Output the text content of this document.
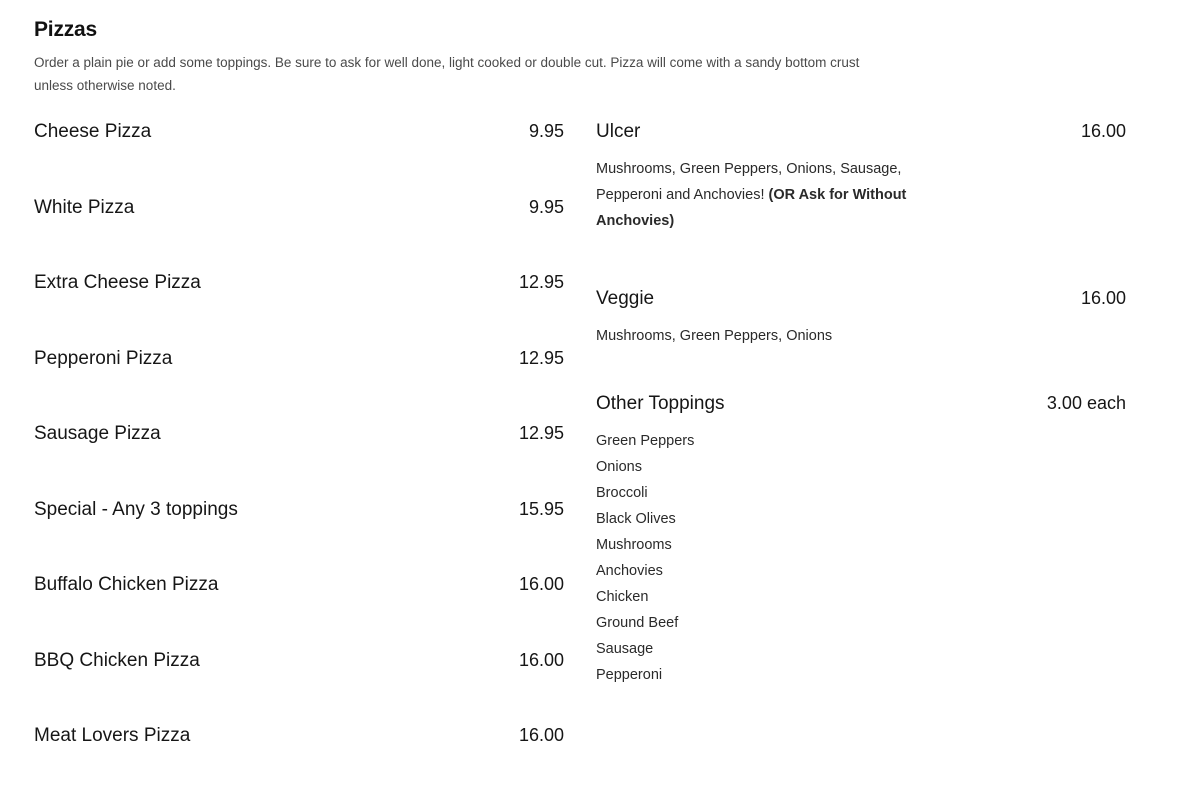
Pizzas

Order a plain pie or add some toppings. Be sure to ask for well done, light cooked or double cut. Pizza will come with a sandy bottom crust unless otherwise noted.

Cheese Pizza	9.95
White Pizza	9.95
Extra Cheese Pizza	12.95
Pepperoni Pizza	12.95
Sausage Pizza	12.95
Special - Any 3 toppings	15.95
Buffalo Chicken Pizza	16.00
BBQ Chicken Pizza	16.00
Meat Lovers Pizza	16.00
Ulcer	16.00
Mushrooms, Green Peppers, Onions, Sausage, Pepperoni and Anchovies! (OR Ask for Without Anchovies)
Veggie	16.00
Mushrooms, Green Peppers, Onions
Other Toppings	3.00 each
Green Peppers
Onions
Broccoli
Black Olives
Mushrooms
Anchovies
Chicken
Ground Beef
Sausage
Pepperoni
